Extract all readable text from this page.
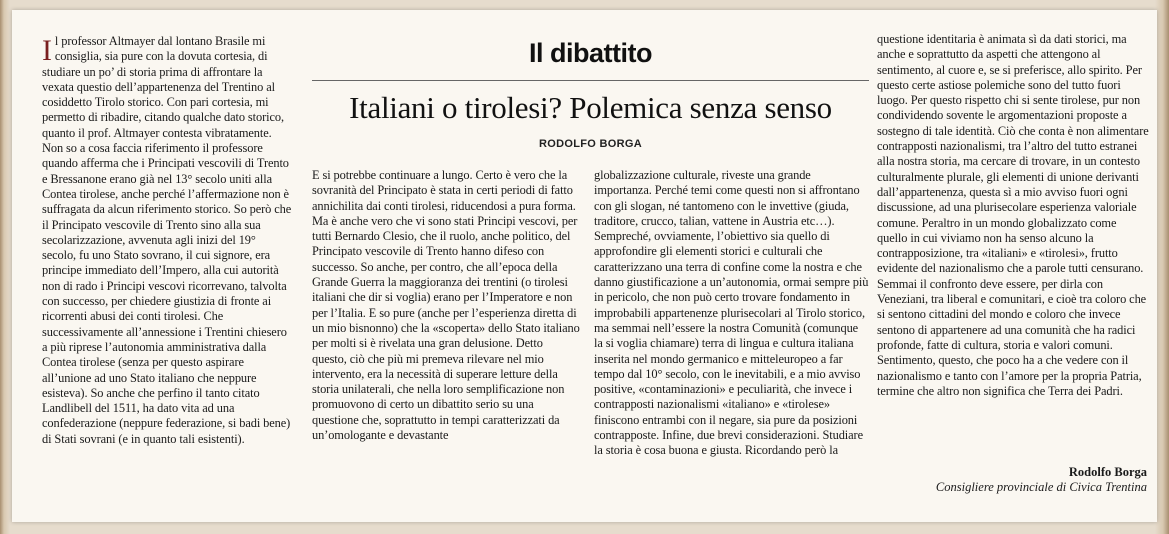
Il dibattito
Italiani o tirolesi? Polemica senza senso
RODOLFO BORGA
I l professor Altmayer dal lontano Brasile mi consiglia, sia pure con la dovuta cortesia, di studiare un po’ di storia prima di affrontare la vexata questio dell’appartenenza del Trentino al cosiddetto Tirolo storico. Con pari cortesia, mi permetto di ribadire, citando qualche dato storico, quanto il prof. Altmayer contesta vibratamente. Non so a cosa faccia riferimento il professore quando afferma che i Principati vescovili di Trento e Bressanone erano già nel 13° secolo uniti alla Contea tirolese, anche perché l’affermazione non è suffragata da alcun riferimento storico. So però che il Principato vescovile di Trento sino alla sua secolarizzazione, avvenuta agli inizi del 19° secolo, fu uno Stato sovrano, il cui signore, era principe immediato dell’Impero, alla cui autorità non di rado i Principi vescovi ricorrevano, talvolta con successo, per chiedere giustizia di fronte ai ricorrenti abusi dei conti tirolesi. Che successivamente all’annessione i Trentini chiesero a più riprese l’autonomia amministrativa dalla Contea tirolese (senza per questo aspirare all’unione ad uno Stato italiano che neppure esisteva). So anche che perfino il tanto citato Landlibell del 1511, ha dato vita ad una confederazione (neppure federazione, si badi bene) di Stati sovrani (e in quanto tali esistenti).

E si potrebbe continuare a lungo. Certo è vero che la sovranità del Principato è stata in certi periodi di fatto annichilita dai conti tirolesi, riducendosi a pura forma. Ma è anche vero che vi sono stati Principi vescovi, per tutti Bernardo Clesio, che il ruolo, anche politico, del Principato vescovile di Trento hanno difeso con successo. So anche, per contro, che all’epoca della Grande Guerra la maggioranza dei trentini (o tirolesi italiani che dir si voglia) erano per l’Imperatore e non per l’Italia. E so pure (anche per l’esperienza diretta di un mio bisnonno) che la «scoperta» dello Stato italiano per molti si è rivelata una gran delusione. Detto questo, ciò che più mi premeva rilevare nel mio intervento, era la necessità di superare letture della storia unilaterali, che nella loro semplificazione non promuovono di certo un dibattito serio su una questione che, soprattutto in tempi caratterizzati da un’omologante e devastante

globalizzazione culturale, riveste una grande importanza. Perché temi come questi non si affrontano con gli slogan, né tantomeno con le invettive (giuda, traditore, crucco, talian, vattene in Austria etc…). Sempreché, ovviamente, l’obiettivo sia quello di approfondire gli elementi storici e culturali che caratterizzano una terra di confine come la nostra e che danno giustificazione a un’autonomia, ormai sempre più in pericolo, che non può certo trovare fondamento in improbabili appartenenze plurisecolari al Tirolo storico, ma semmai nell’essere la nostra Comunità (comunque la si voglia chiamare) terra di lingua e cultura italiana inserita nel mondo germanico e mitteleuropeo a far tempo dal 10° secolo, con le inevitabili, e a mio avviso positive, «contaminazioni» e peculiarità, che invece i contrapposti nazionalismi «italiano» e «tirolese» finiscono entrambi con il negare, sia pure da posizioni contrapposte. Infine, due brevi considerazioni. Studiare la storia è cosa buona e giusta. Ricordando però la

questione identitaria è animata sì da dati storici, ma anche e soprattutto da aspetti che attengono al sentimento, al cuore e, se si preferisce, allo spirito. Per questo certe astiose polemiche sono del tutto fuori luogo. Per questo rispetto chi si sente tirolese, pur non condividendo sovente le argomentazioni proposte a sostegno di tale identità. Ciò che conta è non alimentare contrapposti nazionalismi, tra l’altro del tutto estranei alla nostra storia, ma cercare di trovare, in un contesto culturalmente plurale, gli elementi di unione derivanti dall’appartenenza, questa sì a mio avviso fuori ogni discussione, ad una plurisecolare esperienza valoriale comune. Peraltro in un mondo globalizzato come quello in cui viviamo non ha senso alcuno la contrapposizione, tra «italiani» e «tirolesi», frutto evidente del nazionalismo che a parole tutti censurano. Semmai il confronto deve essere, per dirla con Veneziani, tra liberal e comunitari, e cioè tra coloro che si sentono cittadini del mondo e coloro che invece sentono di appartenere ad una comunità che ha radici profonde, fatte di cultura, storia e valori comuni. Sentimento, questo, che poco ha a che vedere con il nazionalismo e tanto con l’amore per la propria Patria, termine che altro non significa che Terra dei Padri.

Rodolfo Borga
Consigliere provinciale di Civica Trentina
